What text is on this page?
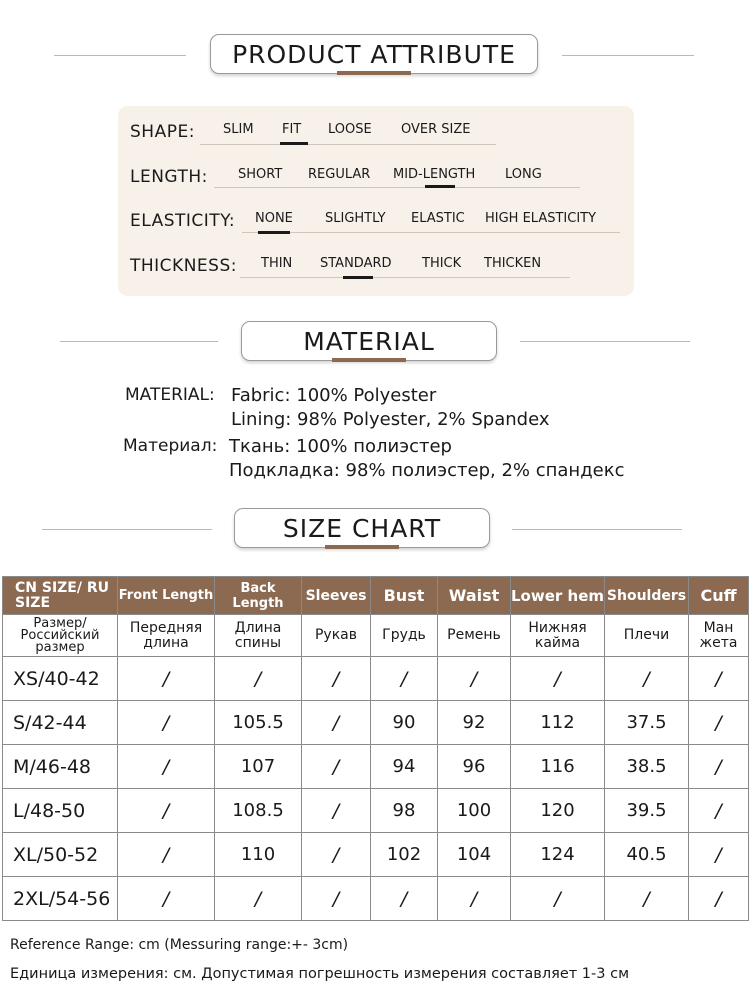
PRODUCT ATTRIBUTE
SHAPE: SLIM FIT LOOSE OVER SIZE
LENGTH: SHORT REGULAR MID-LENGTH LONG
ELASTICITY: NONE SLIGHTLY ELASTIC HIGH ELASTICITY
THICKNESS: THIN STANDARD THICK THICKEN
MATERIAL
MATERIAL: Fabric: 100% Polyester
Lining: 98% Polyester, 2% Spandex
Материал: Ткань: 100% полиэстер
Подкладка: 98% полиэстер, 2% спандекс
SIZE CHART
CN SIZE/ RU SIZE	Front Length	Back Length	Sleeves	Bust	Waist	Lower hem	Shoulders	Cuff
Размер/ Российский размер	Передняя длина	Длина спины	Рукав	Грудь	Ремень	Нижняя кайма	Плечи	Ман жета
XS/40-42	/	/	/	/	/	/	/	/
S/42-44	/	105.5	/	90	92	112	37.5	/
M/46-48	/	107	/	94	96	116	38.5	/
L/48-50	/	108.5	/	98	100	120	39.5	/
XL/50-52	/	110	/	102	104	124	40.5	/
2XL/54-56	/	/	/	/	/	/	/	/
Reference Range: cm (Messuring range:+- 3cm)
Единица измерения: см. Допустимая погрешность измерения составляет 1-3 см
